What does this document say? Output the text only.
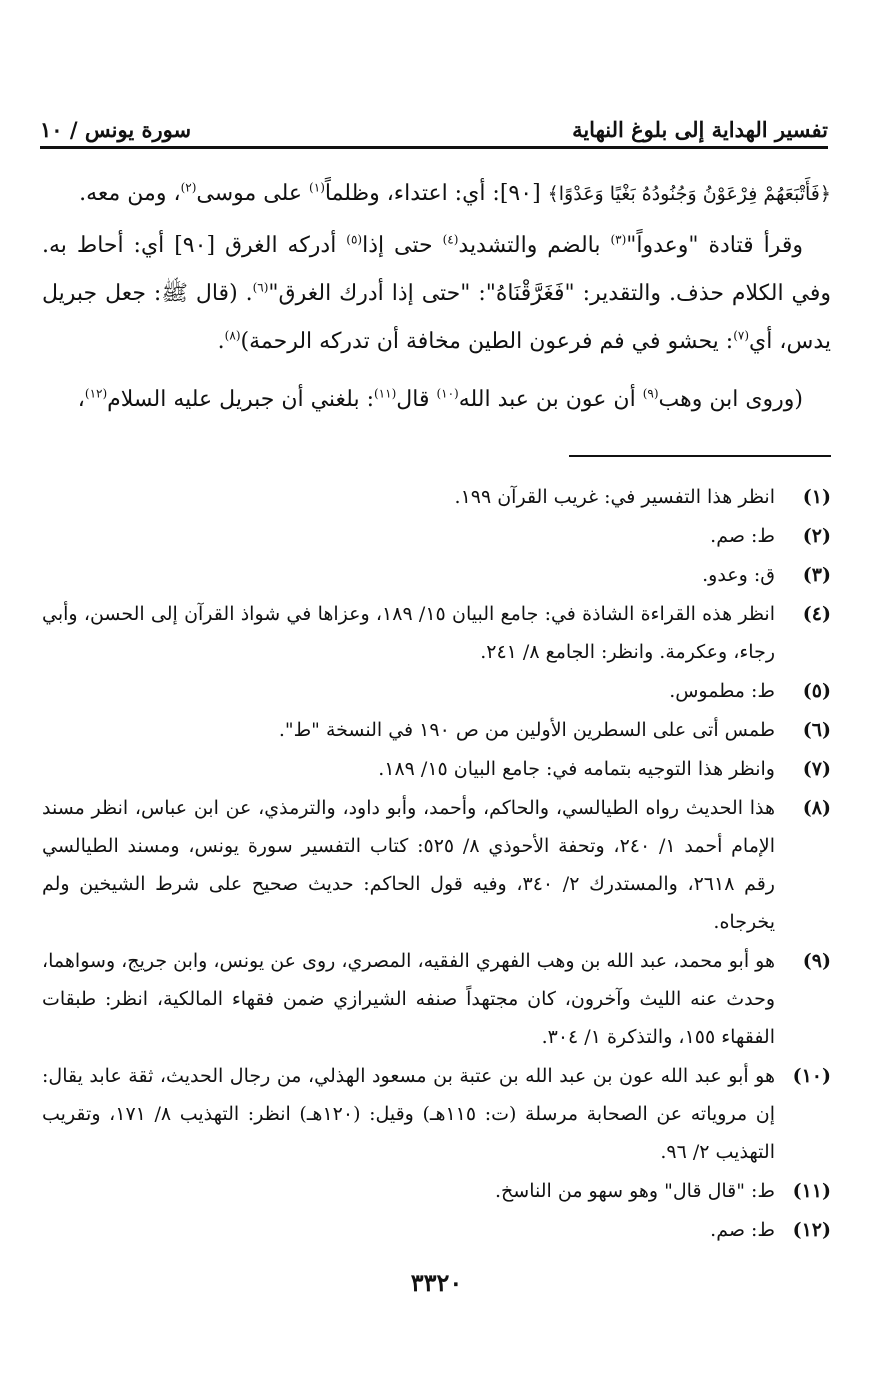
تفسير الهداية إلى بلوغ النهاية
سورة يونس / ١٠

﴿فَأَتْبَعَهُمْ فِرْعَوْنُ وَجُنُودُهُ بَغْيًا وَعَدْوًا﴾ [٩٠]: أي: اعتداء، وظلماً$^{(١)}$ على موسى$^{(٢)}$، ومن معه.

وقرأ قتادة "وعدواً"$^{(٣)}$ بالضم والتشديد$^{(٤)}$ حتى إذا$^{(٥)}$ أدركه الغرق [٩٠] أي: أحاط به. وفي الكلام حذف. والتقدير: "فَغَرَّقْنَاهُ": "حتى إذا أدرك الغرق"$^{(٦)}$. (قال ﷺ: جعل جبريل يدس، أي$^{(٧)}$: يحشو في فم فرعون الطين مخافة أن تدركه الرحمة)$^{(٨)}$.

(وروى ابن وهب$^{(٩)}$ أن عون بن عبد الله$^{(١٠)}$ قال$^{(١١)}$: بلغني أن جبريل عليه السلام$^{(١٢)}$،

(١)
انظر هذا التفسير في: غريب القرآن ١٩٩.
(٢)
ط: صم.
(٣)
ق: وعدو.
(٤)
انظر هذه القراءة الشاذة في: جامع البيان ١٥/ ١٨٩، وعزاها في شواذ القرآن إلى الحسن، وأبي رجاء، وعكرمة. وانظر: الجامع ٨/ ٢٤١.
(٥)
ط: مطموس.
(٦)
طمس أتى على السطرين الأولين من ص ١٩٠ في النسخة "ط".
(٧)
وانظر هذا التوجيه بتمامه في: جامع البيان ١٥/ ١٨٩.
(٨)
هذا الحديث رواه الطيالسي، والحاكم، وأحمد، وأبو داود، والترمذي، عن ابن عباس، انظر مسند الإمام أحمد ١/ ٢٤٠، وتحفة الأحوذي ٨/ ٥٢٥: كتاب التفسير سورة يونس، ومسند الطيالسي رقم ٢٦١٨، والمستدرك ٢/ ٣٤٠، وفيه قول الحاكم: حديث صحيح على شرط الشيخين ولم يخرجاه.
(٩)
هو أبو محمد، عبد الله بن وهب الفهري الفقيه، المصري، روى عن يونس، وابن جريج، وسواهما، وحدث عنه الليث وآخرون، كان مجتهداً صنفه الشيرازي ضمن فقهاء المالكية، انظر: طبقات الفقهاء ١٥٥، والتذكرة ١/ ٣٠٤.
(١٠)
هو أبو عبد الله عون بن عبد الله بن عتبة بن مسعود الهذلي، من رجال الحديث، ثقة عابد يقال: إن مروياته عن الصحابة مرسلة (ت: ١١٥هـ) وقيل: (١٢٠هـ) انظر: التهذيب ٨/ ١٧١، وتقريب التهذيب ٢/ ٩٦.
(١١)
ط: "قال قال" وهو سهو من الناسخ.
(١٢)
ط: صم.
٣٣٢٠
